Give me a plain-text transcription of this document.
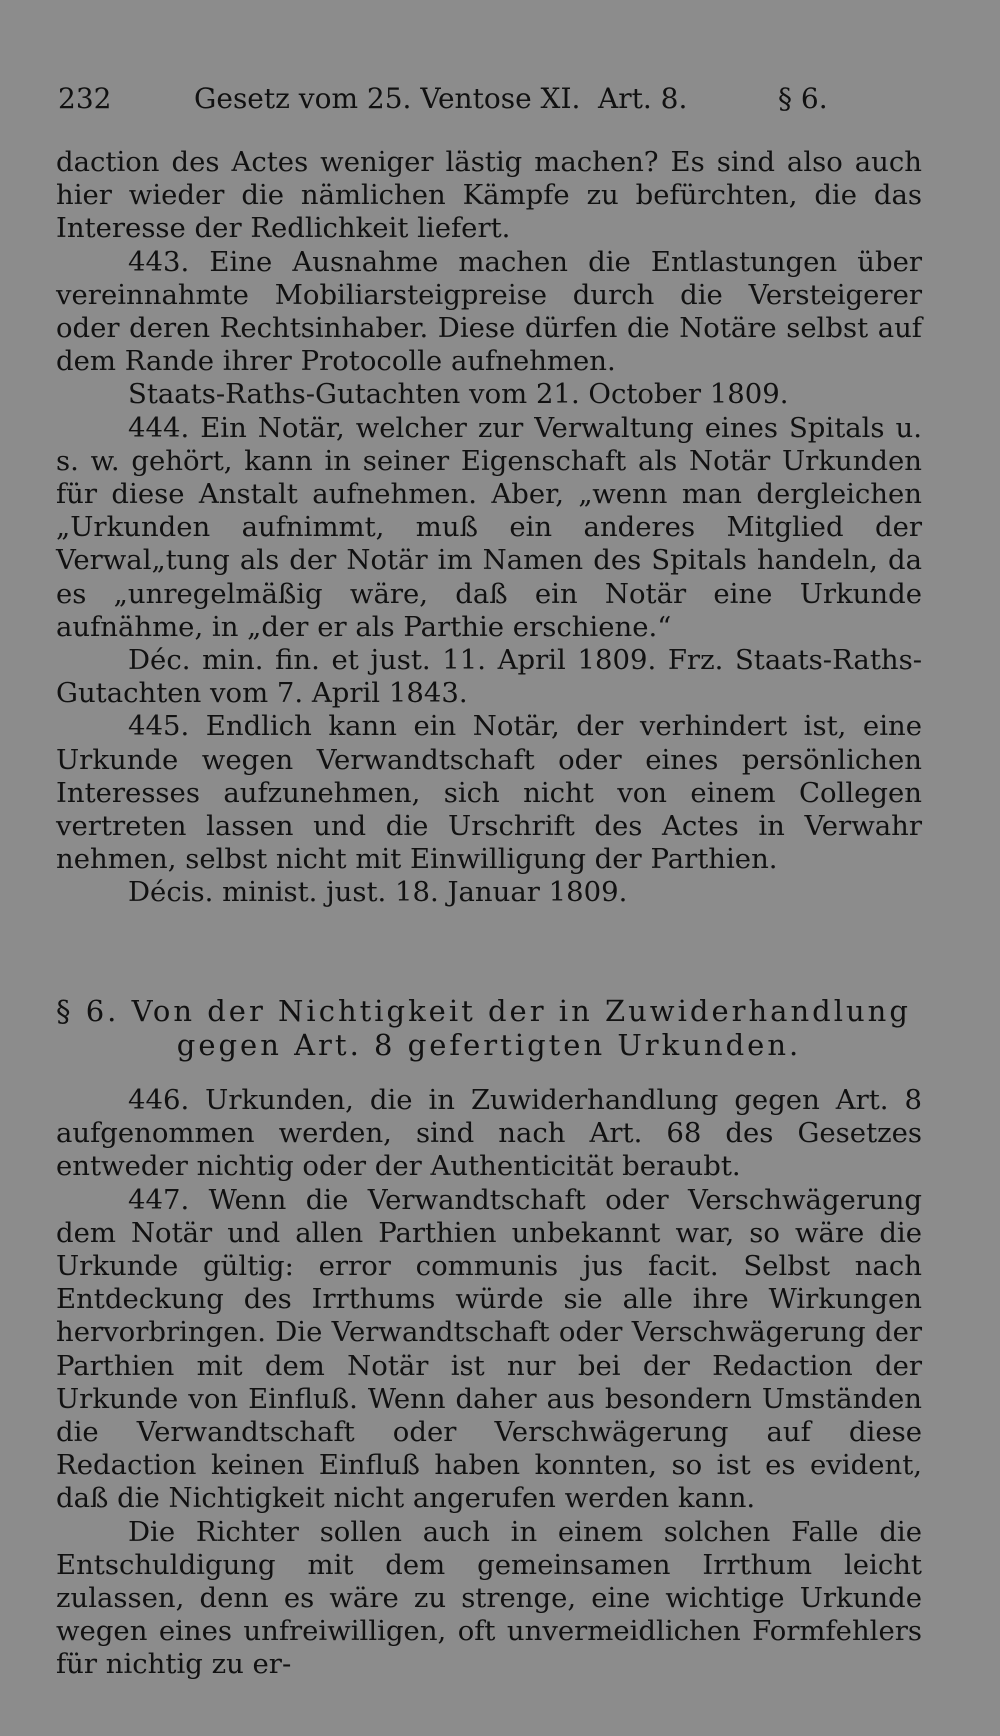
232	Gesetz vom 25. Ventose XI. Art. 8.	§ 6.

daction des Actes weniger lästig machen? Es sind also auch hier wieder die nämlichen Kämpfe zu befürchten, die das Interesse der Redlichkeit liefert.

443. Eine Ausnahme machen die Entlastungen über vereinnahmte Mobiliarsteigpreise durch die Versteigerer oder deren Rechtsinhaber. Diese dürfen die Notäre selbst auf dem Rande ihrer Protocolle aufnehmen.

Staats-Raths-Gutachten vom 21. October 1809.

444. Ein Notär, welcher zur Verwaltung eines Spitals u. s. w. gehört, kann in seiner Eigenschaft als Notär Urkunden für diese Anstalt aufnehmen. Aber, „wenn man dergleichen „Urkunden aufnimmt, muß ein anderes Mitglied der Verwal„tung als der Notär im Namen des Spitals handeln, da es „unregelmäßig wäre, daß ein Notär eine Urkunde aufnähme, in „der er als Parthie erschiene.“

Déc. min. fin. et just. 11. April 1809. Frz. Staats-Raths-Gutachten vom 7. April 1843.

445. Endlich kann ein Notär, der verhindert ist, eine Urkunde wegen Verwandtschaft oder eines persönlichen Interesses aufzunehmen, sich nicht von einem Collegen vertreten lassen und die Urschrift des Actes in Verwahr nehmen, selbst nicht mit Einwilligung der Parthien.

Décis. minist. just. 18. Januar 1809.

§ 6. Von der Nichtigkeit der in Zuwiderhandlung

gegen Art. 8 gefertigten Urkunden.

446. Urkunden, die in Zuwiderhandlung gegen Art. 8 aufgenommen werden, sind nach Art. 68 des Gesetzes entweder nichtig oder der Authenticität beraubt.

447. Wenn die Verwandtschaft oder Verschwägerung dem Notär und allen Parthien unbekannt war, so wäre die Urkunde gültig: error communis jus facit. Selbst nach Entdeckung des Irrthums würde sie alle ihre Wirkungen hervorbringen. Die Verwandtschaft oder Verschwägerung der Parthien mit dem Notär ist nur bei der Redaction der Urkunde von Einfluß. Wenn daher aus besondern Umständen die Verwandtschaft oder Verschwägerung auf diese Redaction keinen Einfluß haben konnten, so ist es evident, daß die Nichtigkeit nicht angerufen werden kann.

Die Richter sollen auch in einem solchen Falle die Entschuldigung mit dem gemeinsamen Irrthum leicht zulassen, denn es wäre zu strenge, eine wichtige Urkunde wegen eines unfreiwilligen, oft unvermeidlichen Formfehlers für nichtig zu er-
